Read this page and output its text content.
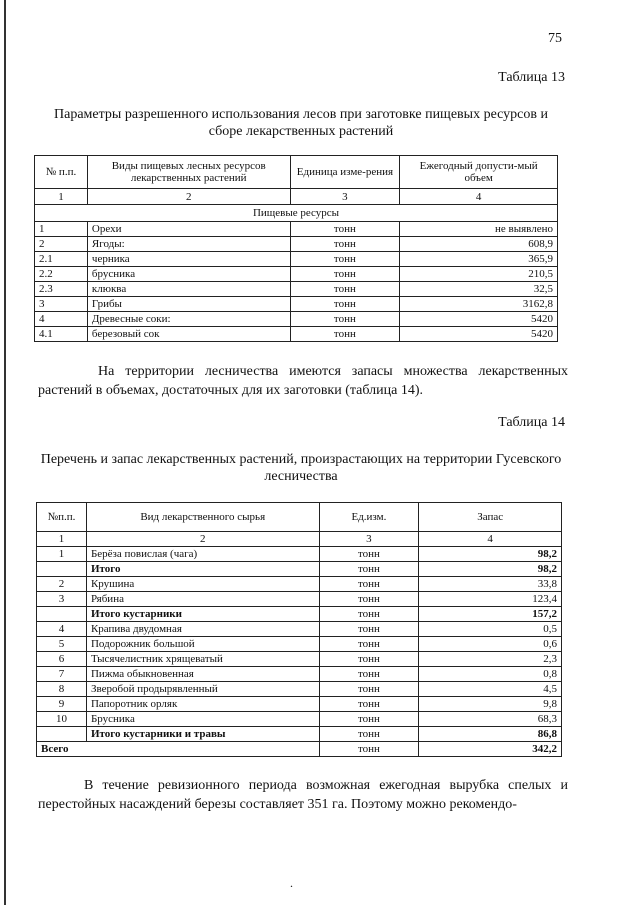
75
Таблица 13
Параметры разрешенного использования лесов при заготовке пищевых ресурсов и сборе лекарственных растений
№ п.п.	Виды пищевых лесных ресурсов лекарственных растений	Единица изме-рения	Ежегодный допусти-мый объем
1	2	3	4
Пищевые ресурсы			
1	Орехи	тонн	не выявлено
2	Ягоды:	тонн	608,9
2.1	черника	тонн	365,9
2.2	брусника	тонн	210,5
2.3	клюква	тонн	32,5
3	Грибы	тонн	3162,8
4	Древесные соки:	тонн	5420
4.1	березовый сок	тонн	5420
На территории лесничества имеются запасы множества лекарственных растений в объемах, достаточных для их заготовки (таблица 14).
Таблица 14
Перечень и запас лекарственных растений, произрастающих на территории Гусевского лесничества
№п.п.	Вид лекарственного сырья	Ед.изм.	Запас
1	2	3	4
1	Берёза повислая (чага)	тонн	98,2
	Итого	тонн	98,2
2	Крушина	тонн	33,8
3	Рябина	тонн	123,4
	Итого кустарники	тонн	157,2
4	Крапива двудомная	тонн	0,5
5	Подорожник большой	тонн	0,6
6	Тысячелистник хрящеватый	тонн	2,3
7	Пижма обыкновенная	тонн	0,8
8	Зверобой продырявленный	тонн	4,5
9	Папоротник орляк	тонн	9,8
10	Брусника	тонн	68,3
	Итого кустарники и травы	тонн	86,8
Всего		тонн	342,2
В течение ревизионного периода возможная ежегодная вырубка спелых и перестойных насаждений березы составляет 351 га. Поэтому можно рекомендо-
.
